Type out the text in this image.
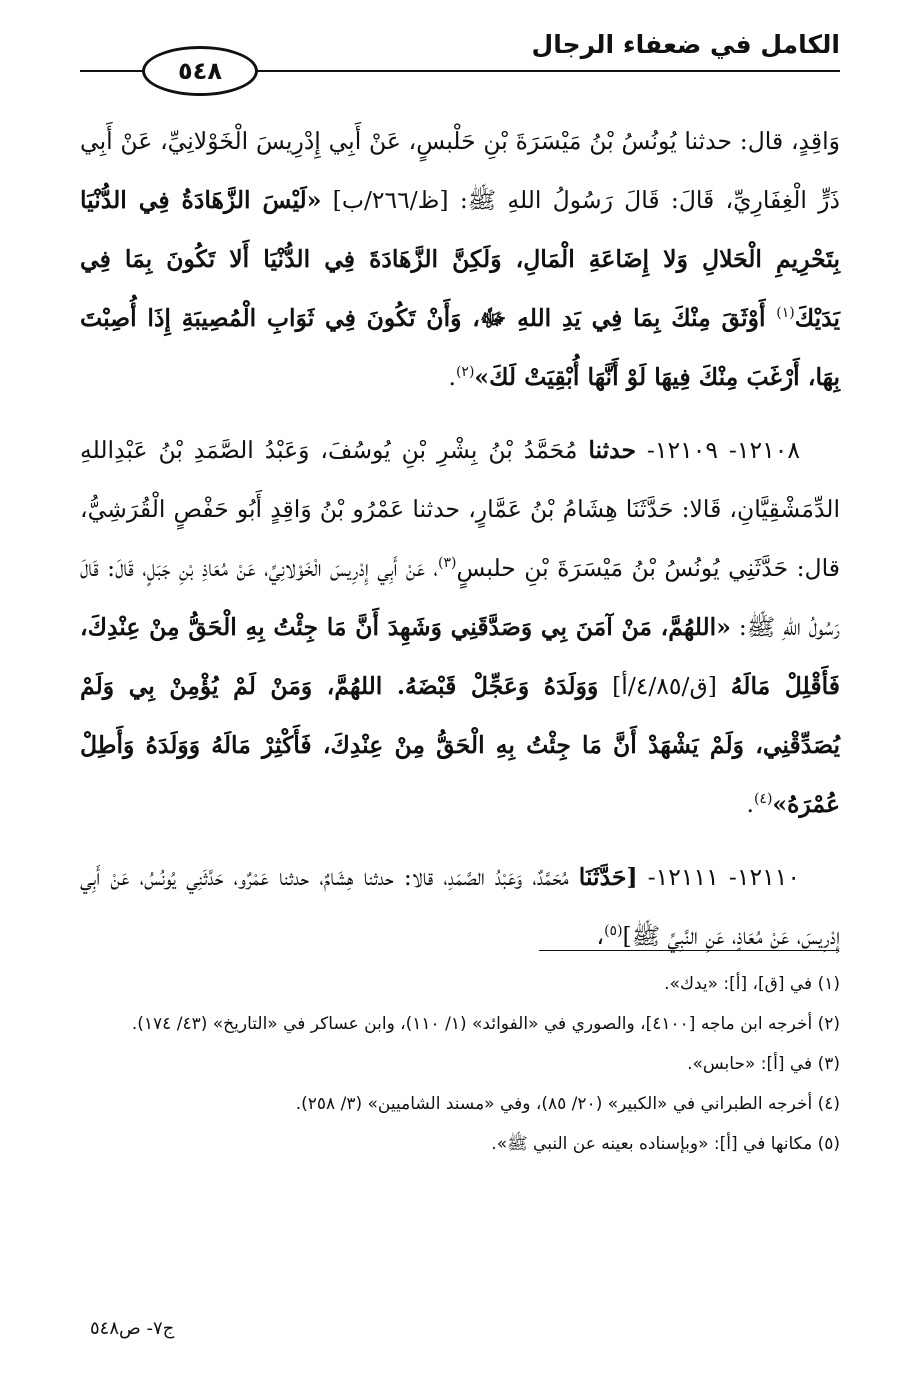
الكامل في ضعفاء الرجال
٥٤٨

وَاقِدٍ، قال: حدثنا يُونُسُ بْنُ مَيْسَرَةَ بْنِ حَلْبسٍ، عَنْ أَبِي إِدْرِيسَ الْخَوْلانِيِّ، عَنْ أَبِي ذَرٍّ الْغِفَارِيِّ، قَالَ: قَالَ رَسُولُ اللهِ ﷺ: [ظ/٢٦٦/ب] «لَيْسَ الزَّهَادَةُ فِي الدُّنْيَا بِتَحْرِيمِ الْحَلالِ وَلا إِضَاعَةِ الْمَالِ، وَلَكِنَّ الزَّهَادَةَ فِي الدُّنْيَا أَلا تَكُونَ بِمَا فِي يَدَيْكَ$^{(١)}$ أَوْثَقَ مِنْكَ بِمَا فِي يَدِ اللهِ ﷻ، وَأَنْ تَكُونَ فِي ثَوَابِ الْمُصِيبَةِ إِذَا أُصِبْتَ بِهَا، أَرْغَبَ مِنْكَ فِيهَا لَوْ أَنَّهَا أُبْقِيَتْ لَكَ»$^{(٢)}$.

١٢١٠٨- ١٢١٠٩- حدثنا مُحَمَّدُ بْنُ بِشْرِ بْنِ يُوسُفَ، وَعَبْدُ الصَّمَدِ بْنُ عَبْدِاللهِ الدِّمَشْقِيَّانِ، قَالا: حَدَّثَنَا هِشَامُ بْنُ عَمَّارٍ، حدثنا عَمْرُو بْنُ وَاقِدٍ أَبُو حَفْصٍ الْقُرَشِيُّ، قال: حَدَّثَنِي يُونُسُ بْنُ مَيْسَرَةَ بْنِ حلبسٍ$^{(٣)}$، عَنْ أَبِي إِدْرِيسَ الْخَوْلانِيِّ، عَنْ مُعَاذِ بْنِ جَبَلٍ، قَالَ: قَالَ رَسُولُ اللهِ ﷺ: «اللهُمَّ، مَنْ آمَنَ بِي وَصَدَّقَنِي وَشَهِدَ أَنَّ مَا جِئْتُ بِهِ الْحَقُّ مِنْ عِنْدِكَ، فَأَقْلِلْ مَالَهُ [ق/٤/٨٥/أ] وَوَلَدَهُ وَعَجِّلْ قَبْضَهُ. اللهُمَّ، وَمَنْ لَمْ يُؤْمِنْ بِي وَلَمْ يُصَدِّقْنِي، وَلَمْ يَشْهَدْ أَنَّ مَا جِئْتُ بِهِ الْحَقُّ مِنْ عِنْدِكَ، فَأَكْثِرْ مَالَهُ وَوَلَدَهُ وَأَطِلْ عُمْرَهُ»$^{(٤)}$.

١٢١١٠- ١٢١١١- [حَدَّثَنَا مُحَمَّدٌ، وَعَبْدُ الصَّمَدِ، قالا: حدثنا هِشَامٌ، حدثنا عَمْرٌو، حَدَّثَنِي يُونُسُ، عَنْ أَبِي إِدْرِيسَ، عَنْ مُعَاذٍ، عَنِ النَّبِيِّ ﷺ]$^{(٥)}$،

(١) في [ق]، [أ]: «يدك».

(٢) أخرجه ابن ماجه [٤١٠٠]، والصوري في «الفوائد» (١/ ١١٠)، وابن عساكر في «التاريخ» (٤٣/ ١٧٤).

(٣) في [أ]: «حابس».

(٤) أخرجه الطبراني في «الكبير» (٢٠/ ٨٥)، وفي «مسند الشاميين» (٣/ ٢٥٨).

(٥) مكانها في [أ]: «وبإسناده بعينه عن النبي ﷺ».

ج٧- ص٥٤٨
